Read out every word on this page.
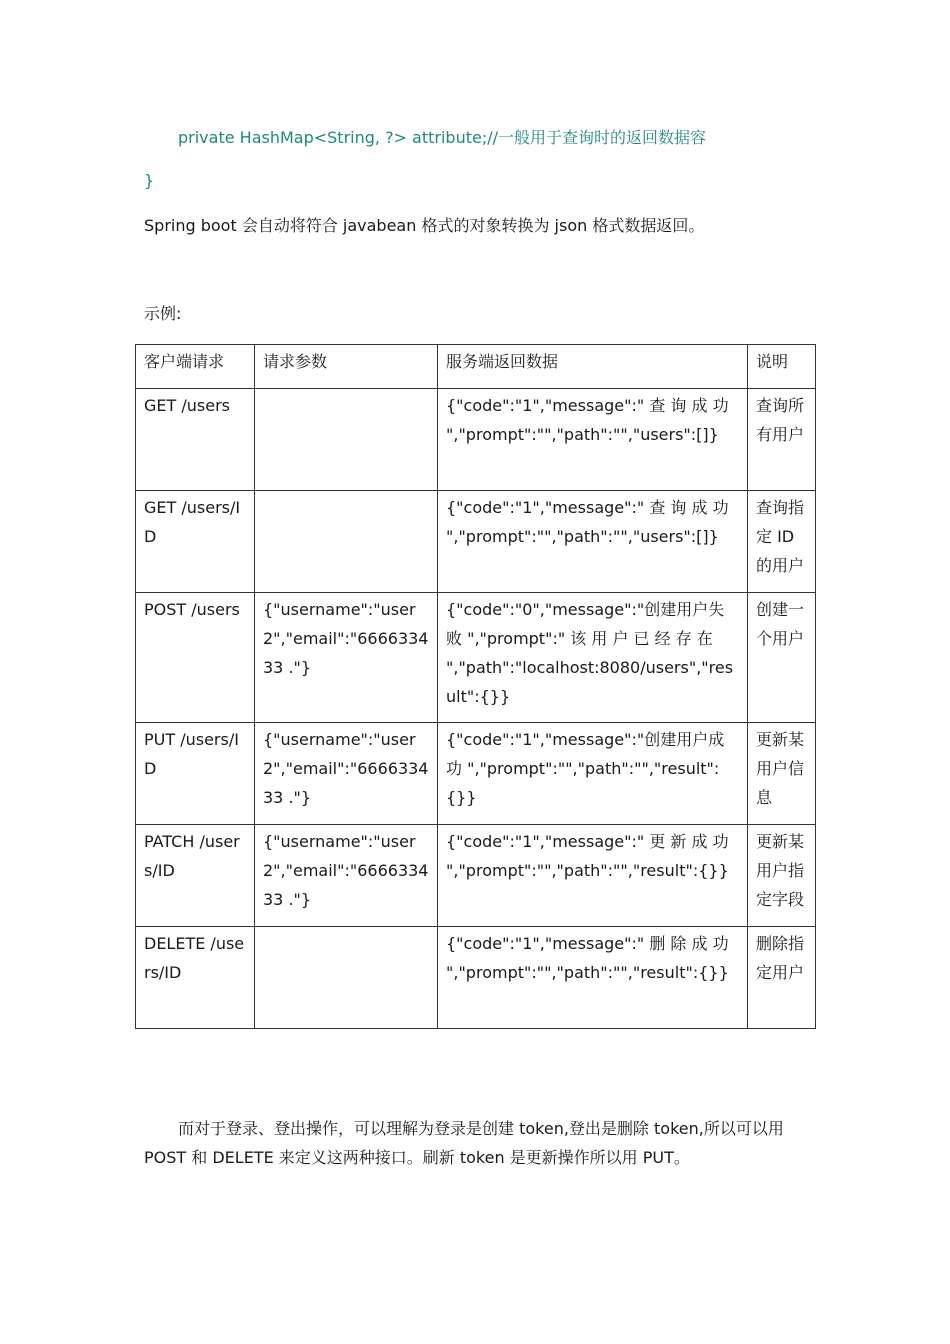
private HashMap<String, ?> attribute;//一般用于查询时的返回数据容
}
Spring boot 会自动将符合 javabean 格式的对象转换为 json 格式数据返回。
示例:
客户端请求	请求参数	服务端返回数据	说明
GET /users		{"code":"1","message":" 查 询 成 功 ","prompt":"","path":"","users":[]}	查询所有用户
GET /users/ID		{"code":"1","message":" 查 询 成 功 ","prompt":"","path":"","users":[]}	查询指定 ID 的用户
POST /users	{"username":"user2","email":"666633433 ."}	{"code":"0","message":"创建用户失败 ","prompt":" 该 用 户 已 经 存 在 ","path":"localhost:8080/users","result":{}}	创建一个用户
PUT /users/ID	{"username":"user2","email":"666633433 ."}	{"code":"1","message":"创建用户成功 ","prompt":"","path":"","result":{}}	更新某用户信息
PATCH /users/ID	{"username":"user2","email":"666633433 ."}	{"code":"1","message":" 更 新 成 功 ","prompt":"","path":"","result":{}}	更新某用户指定字段
DELETE /users/ID		{"code":"1","message":" 删 除 成 功 ","prompt":"","path":"","result":{}}	删除指定用户
而对于登录、登出操作，可以理解为登录是创建 token,登出是删除 token,所以可以用 POST 和 DELETE 来定义这两种接口。刷新 token 是更新操作所以用 PUT。
